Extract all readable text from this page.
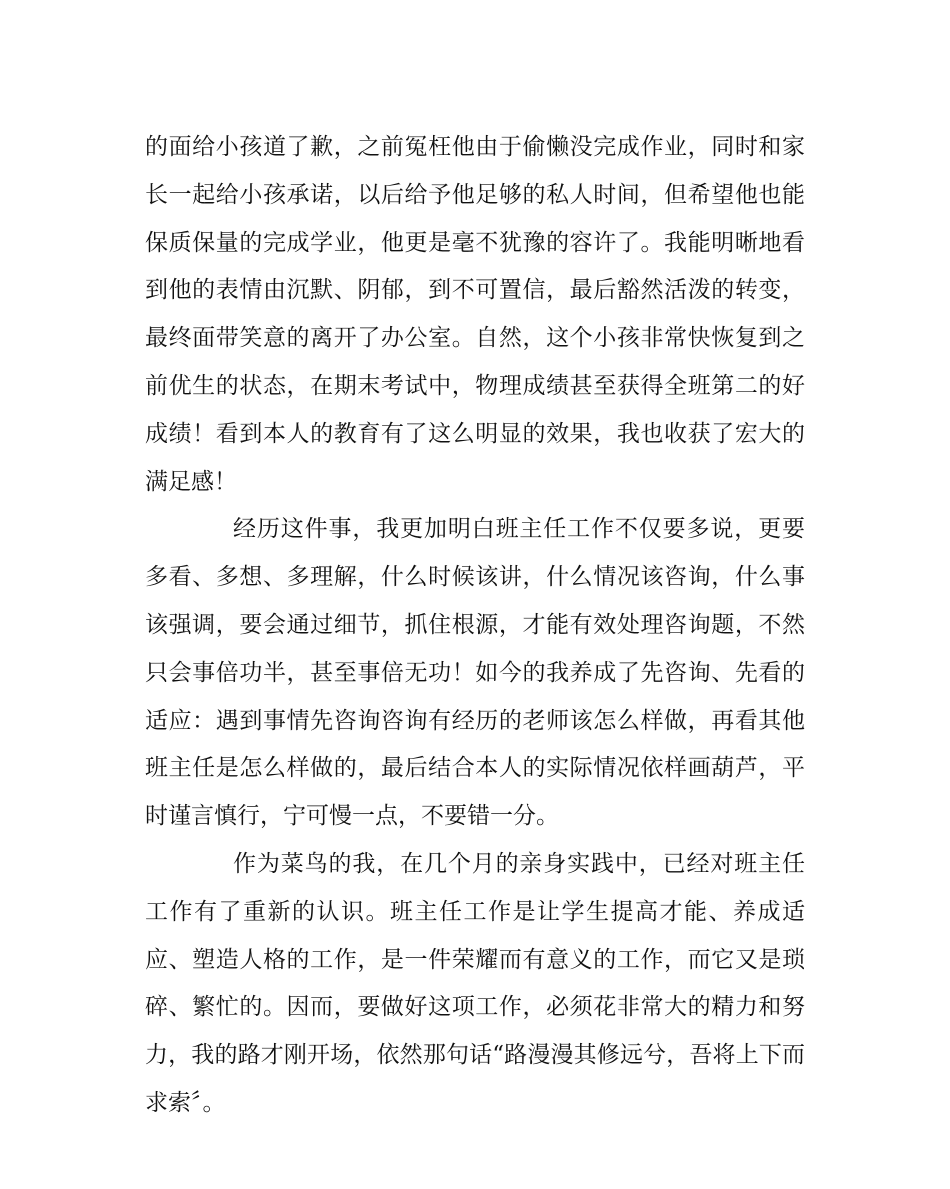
的面给小孩道了歉，之前冤枉他由于偷懒没完成作业，同时和家长一起给小孩承诺，以后给予他足够的私人时间，但希望他也能保质保量的完成学业，他更是毫不犹豫的容许了。我能明晰地看到他的表情由沉默、阴郁，到不可置信，最后豁然活泼的转变，最终面带笑意的离开了办公室。自然，这个小孩非常快恢复到之前优生的状态，在期末考试中，物理成绩甚至获得全班第二的好成绩！看到本人的教育有了这么明显的效果，我也收获了宏大的满足感！

经历这件事，我更加明白班主任工作不仅要多说，更要多看、多想、多理解，什么时候该讲，什么情况该咨询，什么事该强调，要会通过细节，抓住根源，才能有效处理咨询题，不然只会事倍功半，甚至事倍无功！如今的我养成了先咨询、先看的适应：遇到事情先咨询咨询有经历的老师该怎么样做，再看其他班主任是怎么样做的，最后结合本人的实际情况依样画葫芦，平时谨言慎行，宁可慢一点，不要错一分。

作为菜鸟的我，在几个月的亲身实践中，已经对班主任工作有了重新的认识。班主任工作是让学生提高才能、养成适应、塑造人格的工作，是一件荣耀而有意义的工作，而它又是琐碎、繁忙的。因而，要做好这项工作，必须花非常大的精力和努力，我的路才刚开场，依然那句话“路漫漫其修远兮，吾将上下而求索〞。
